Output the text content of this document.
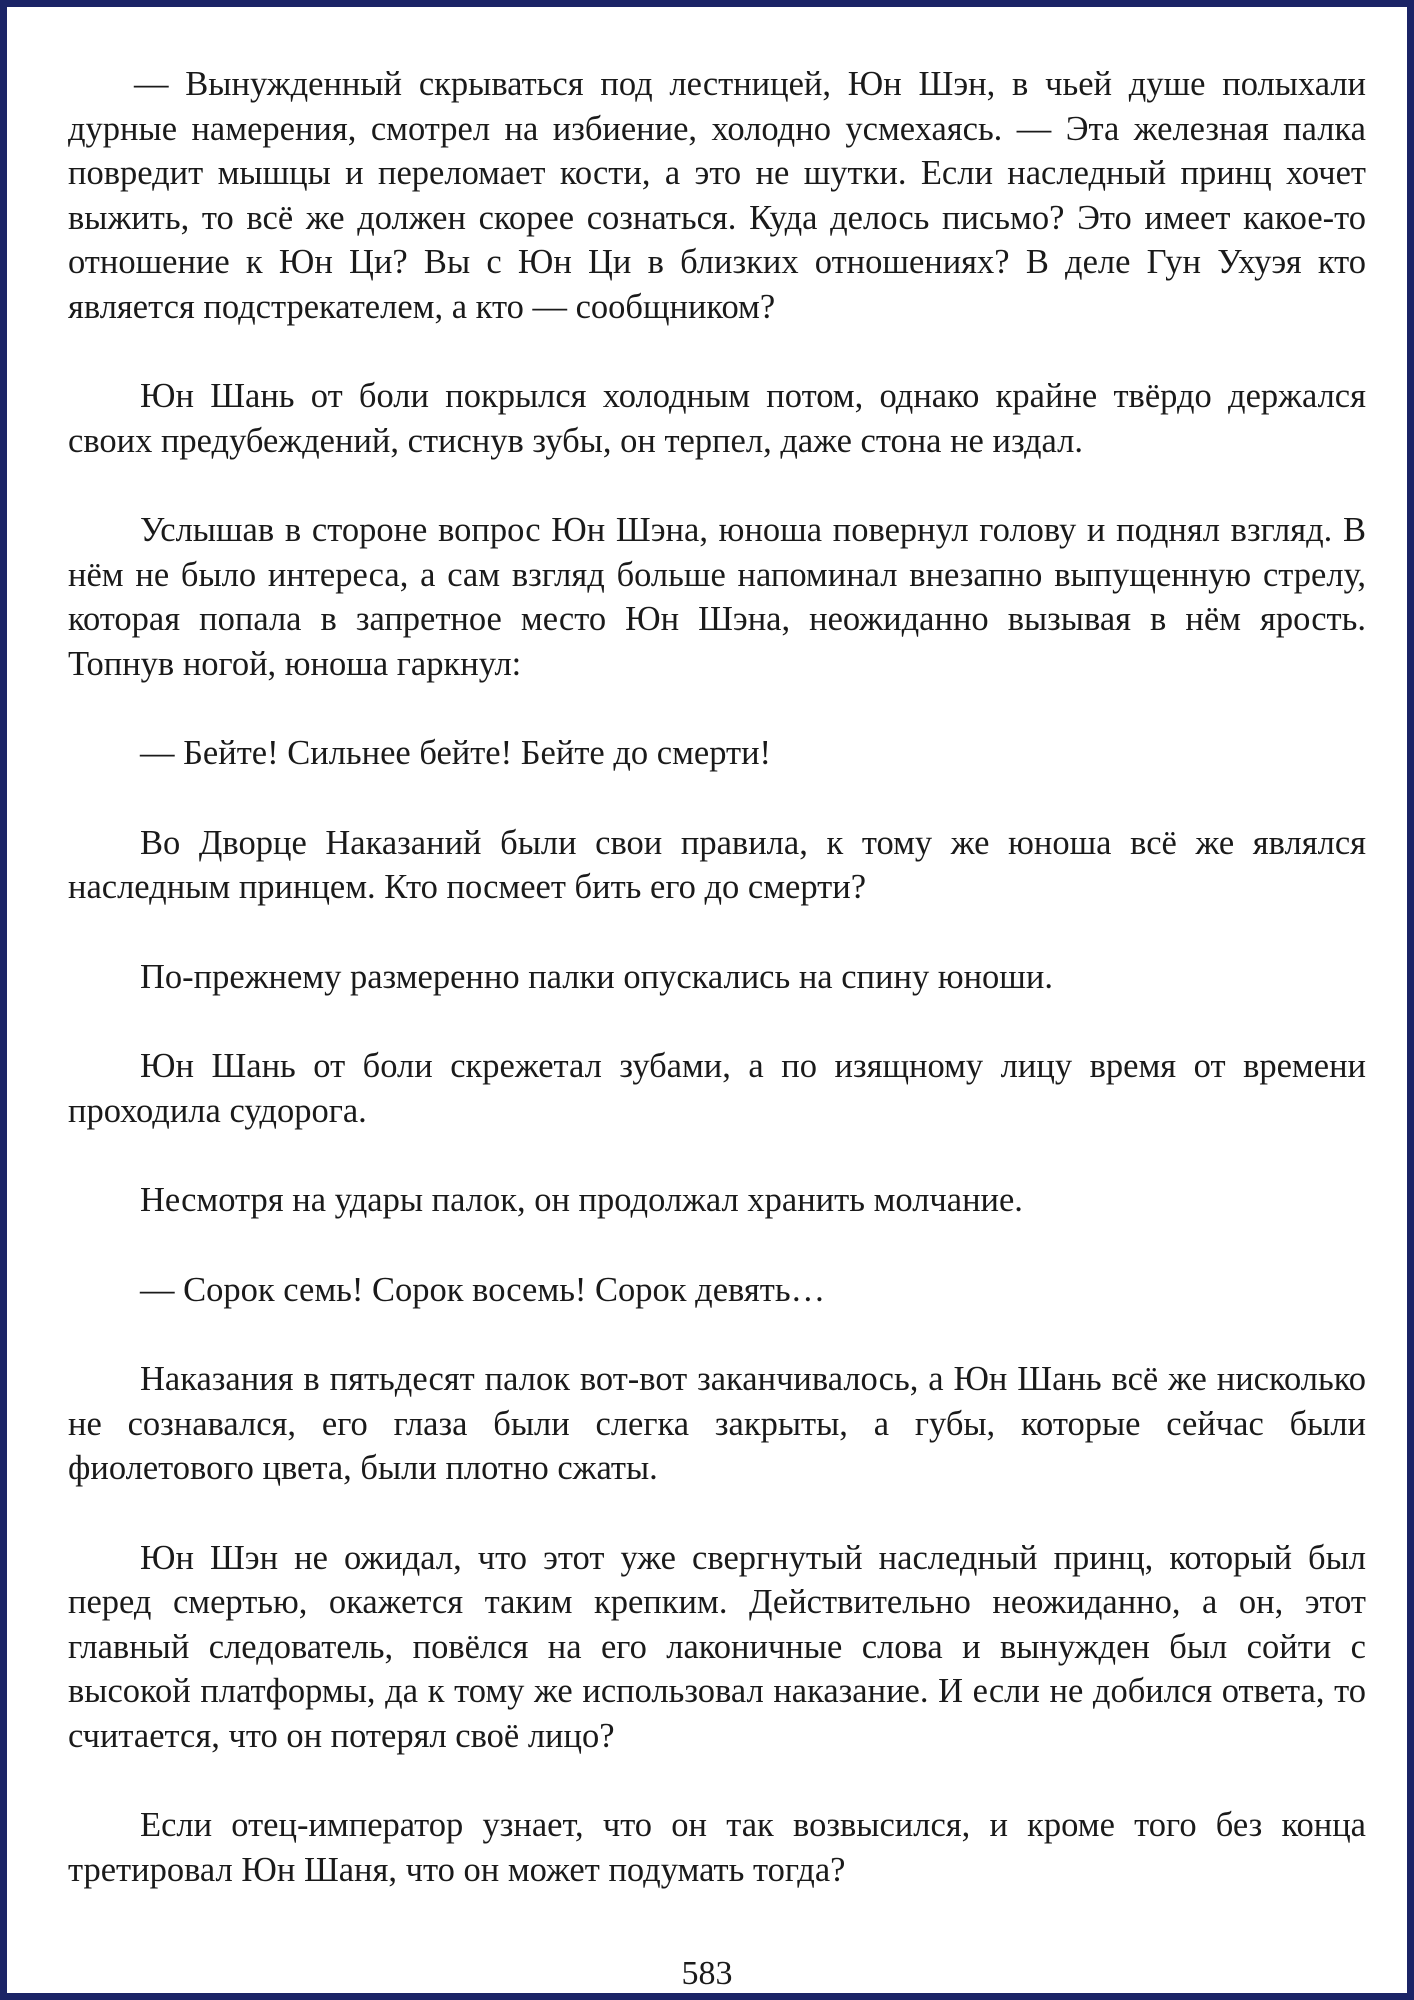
— Вынужденный скрываться под лестницей, Юн Шэн, в чьей душе полыхали дурные намерения, смотрел на избиение, холодно усмехаясь. — Эта железная палка повредит мышцы и переломает кости, а это не шутки. Если наследный принц хочет выжить, то всё же должен скорее сознаться. Куда делось письмо? Это имеет какое-то отношение к Юн Ци? Вы с Юн Ци в близких отношениях? В деле Гун Ухуэя кто является подстрекателем, а кто — сообщником?

Юн Шань от боли покрылся холодным потом, однако крайне твёрдо держался своих предубеждений, стиснув зубы, он терпел, даже стона не издал.

Услышав в стороне вопрос Юн Шэна, юноша повернул голову и поднял взгляд. В нём не было интереса, а сам взгляд больше напоминал внезапно выпущенную стрелу, которая попала в запретное место Юн Шэна, неожиданно вызывая в нём ярость. Топнув ногой, юноша гаркнул:

— Бейте! Сильнее бейте! Бейте до смерти!

Во Дворце Наказаний были свои правила, к тому же юноша всё же являлся наследным принцем. Кто посмеет бить его до смерти?

По-прежнему размеренно палки опускались на спину юноши.

Юн Шань от боли скрежетал зубами, а по изящному лицу время от времени проходила судорога.

Несмотря на удары палок, он продолжал хранить молчание.

— Сорок семь! Сорок восемь! Сорок девять…

Наказания в пятьдесят палок вот-вот заканчивалось, а Юн Шань всё же нисколько не сознавался, его глаза были слегка закрыты, а губы, которые сейчас были фиолетового цвета, были плотно сжаты.

Юн Шэн не ожидал, что этот уже свергнутый наследный принц, который был перед смертью, окажется таким крепким. Действительно неожиданно, а он, этот главный следователь, повёлся на его лаконичные слова и вынужден был сойти с высокой платформы, да к тому же использовал наказание. И если не добился ответа, то считается, что он потерял своё лицо?

Если отец-император узнает, что он так возвысился, и кроме того без конца третировал Юн Шаня, что он может подумать тогда?

583
